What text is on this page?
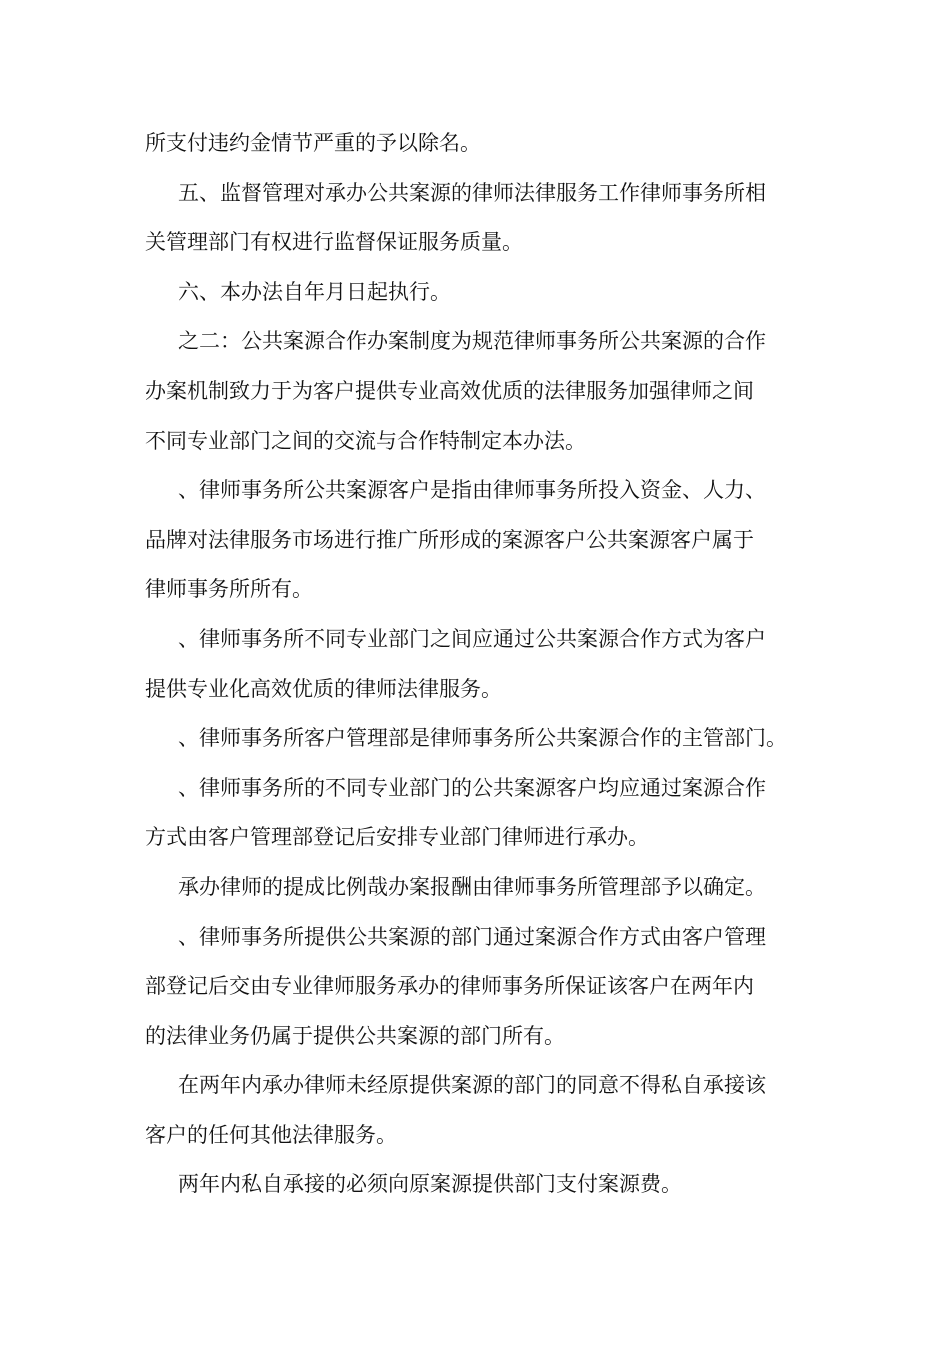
所支付违约金情节严重的予以除名。
五、监督管理对承办公共案源的律师法律服务工作律师事务所相
关管理部门有权进行监督保证服务质量。
六、本办法自年月日起执行。
之二：公共案源合作办案制度为规范律师事务所公共案源的合作
办案机制致力于为客户提供专业高效优质的法律服务加强律师之间
不同专业部门之间的交流与合作特制定本办法。
、律师事务所公共案源客户是指由律师事务所投入资金、人力、
品牌对法律服务市场进行推广所形成的案源客户公共案源客户属于
律师事务所所有。
、律师事务所不同专业部门之间应通过公共案源合作方式为客户
提供专业化高效优质的律师法律服务。
、律师事务所客户管理部是律师事务所公共案源合作的主管部门。
、律师事务所的不同专业部门的公共案源客户均应通过案源合作
方式由客户管理部登记后安排专业部门律师进行承办。
承办律师的提成比例哉办案报酬由律师事务所管理部予以确定。
、律师事务所提供公共案源的部门通过案源合作方式由客户管理
部登记后交由专业律师服务承办的律师事务所保证该客户在两年内
的法律业务仍属于提供公共案源的部门所有。
在两年内承办律师未经原提供案源的部门的同意不得私自承接该
客户的任何其他法律服务。
两年内私自承接的必须向原案源提供部门支付案源费。
